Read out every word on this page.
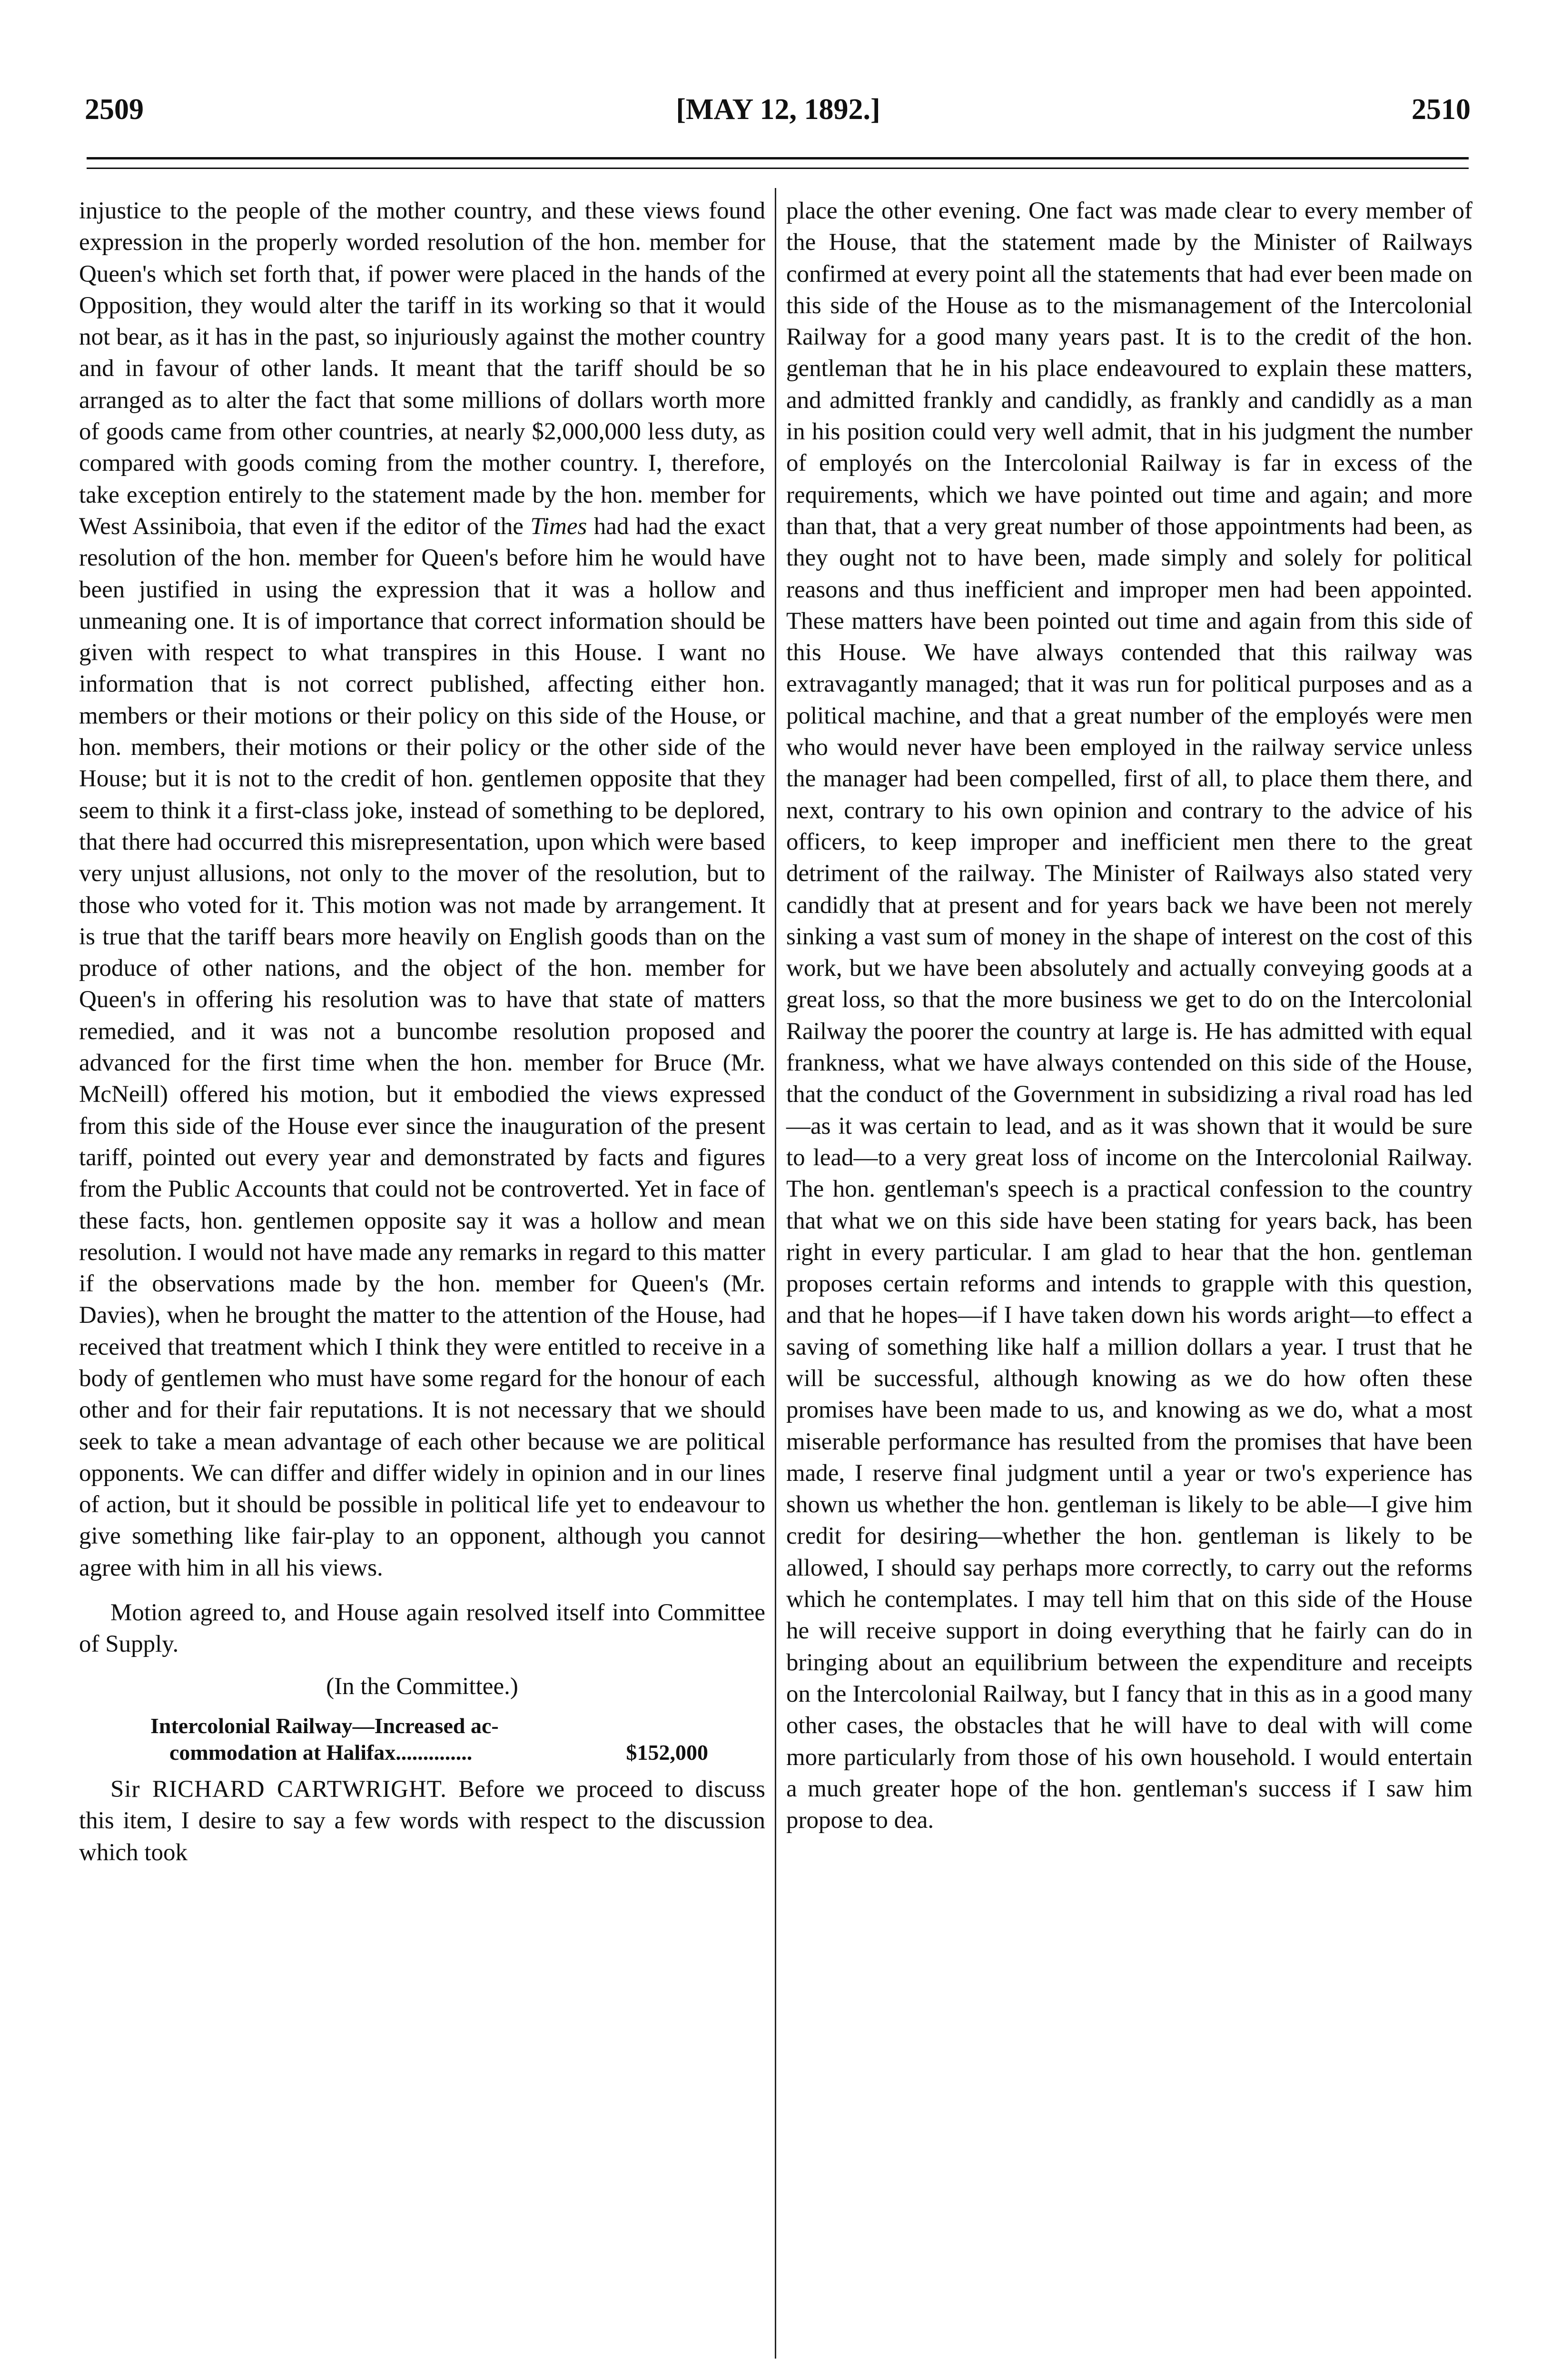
2509	[MAY 12, 1892.]	2510

injustice to the people of the mother country, and these views found expression in the properly worded resolution of the hon. member for Queen's which set forth that, if power were placed in the hands of the Opposition, they would alter the tariff in its working so that it would not bear, as it has in the past, so injuriously against the mother country and in favour of other lands. It meant that the tariff should be so arranged as to alter the fact that some millions of dollars worth more of goods came from other countries, at nearly $2,000,000 less duty, as compared with goods coming from the mother country. I, therefore, take exception entirely to the statement made by the hon. member for West Assiniboia, that even if the editor of the Times had had the exact resolution of the hon. member for Queen's before him he would have been justified in using the expression that it was a hollow and unmeaning one. It is of importance that correct information should be given with respect to what transpires in this House. I want no information that is not correct published, affecting either hon. members or their motions or their policy on this side of the House, or hon. members, their motions or their policy or the other side of the House; but it is not to the credit of hon. gentlemen opposite that they seem to think it a first-class joke, instead of something to be deplored, that there had occurred this misrepresentation, upon which were based very unjust allusions, not only to the mover of the resolution, but to those who voted for it. This motion was not made by arrangement. It is true that the tariff bears more heavily on English goods than on the produce of other nations, and the object of the hon. member for Queen's in offering his resolution was to have that state of matters remedied, and it was not a buncombe resolution proposed and advanced for the first time when the hon. member for Bruce (Mr. McNeill) offered his motion, but it embodied the views expressed from this side of the House ever since the inauguration of the present tariff, pointed out every year and demonstrated by facts and figures from the Public Accounts that could not be controverted. Yet in face of these facts, hon. gentlemen opposite say it was a hollow and mean resolution. I would not have made any remarks in regard to this matter if the observations made by the hon. member for Queen's (Mr. Davies), when he brought the matter to the attention of the House, had received that treatment which I think they were entitled to receive in a body of gentlemen who must have some regard for the honour of each other and for their fair reputations. It is not necessary that we should seek to take a mean advantage of each other because we are political opponents. We can differ and differ widely in opinion and in our lines of action, but it should be possible in political life yet to endeavour to give something like fair-play to an opponent, although you cannot agree with him in all his views.

Motion agreed to, and House again resolved itself into Committee of Supply.

(In the Committee.)

Intercolonial Railway—Increased ac-
$152,000
commodation at Halifax..............

Sir RICHARD CARTWRIGHT. Before we proceed to discuss this item, I desire to say a few words with respect to the discussion which took

place the other evening. One fact was made clear to every member of the House, that the statement made by the Minister of Railways confirmed at every point all the statements that had ever been made on this side of the House as to the mismanagement of the Intercolonial Railway for a good many years past. It is to the credit of the hon. gentleman that he in his place endeavoured to explain these matters, and admitted frankly and candidly, as frankly and candidly as a man in his position could very well admit, that in his judgment the number of employés on the Intercolonial Railway is far in excess of the requirements, which we have pointed out time and again; and more than that, that a very great number of those appointments had been, as they ought not to have been, made simply and solely for political reasons and thus inefficient and improper men had been appointed. These matters have been pointed out time and again from this side of this House. We have always contended that this railway was extravagantly managed; that it was run for political purposes and as a political machine, and that a great number of the employés were men who would never have been employed in the railway service unless the manager had been compelled, first of all, to place them there, and next, contrary to his own opinion and contrary to the advice of his officers, to keep improper and inefficient men there to the great detriment of the railway. The Minister of Railways also stated very candidly that at present and for years back we have been not merely sinking a vast sum of money in the shape of interest on the cost of this work, but we have been absolutely and actually conveying goods at a great loss, so that the more business we get to do on the Intercolonial Railway the poorer the country at large is. He has admitted with equal frankness, what we have always contended on this side of the House, that the conduct of the Government in subsidizing a rival road has led—as it was certain to lead, and as it was shown that it would be sure to lead—to a very great loss of income on the Intercolonial Railway. The hon. gentleman's speech is a practical confession to the country that what we on this side have been stating for years back, has been right in every particular. I am glad to hear that the hon. gentleman proposes certain reforms and intends to grapple with this question, and that he hopes—if I have taken down his words aright—to effect a saving of something like half a million dollars a year. I trust that he will be successful, although knowing as we do how often these promises have been made to us, and knowing as we do, what a most miserable performance has resulted from the promises that have been made, I reserve final judgment until a year or two's experience has shown us whether the hon. gentleman is likely to be able—I give him credit for desiring—whether the hon. gentleman is likely to be allowed, I should say perhaps more correctly, to carry out the reforms which he contemplates. I may tell him that on this side of the House he will receive support in doing everything that he fairly can do in bringing about an equilibrium between the expenditure and receipts on the Intercolonial Railway, but I fancy that in this as in a good many other cases, the obstacles that he will have to deal with will come more particularly from those of his own household. I would entertain a much greater hope of the hon. gentleman's success if I saw him propose to dea.
